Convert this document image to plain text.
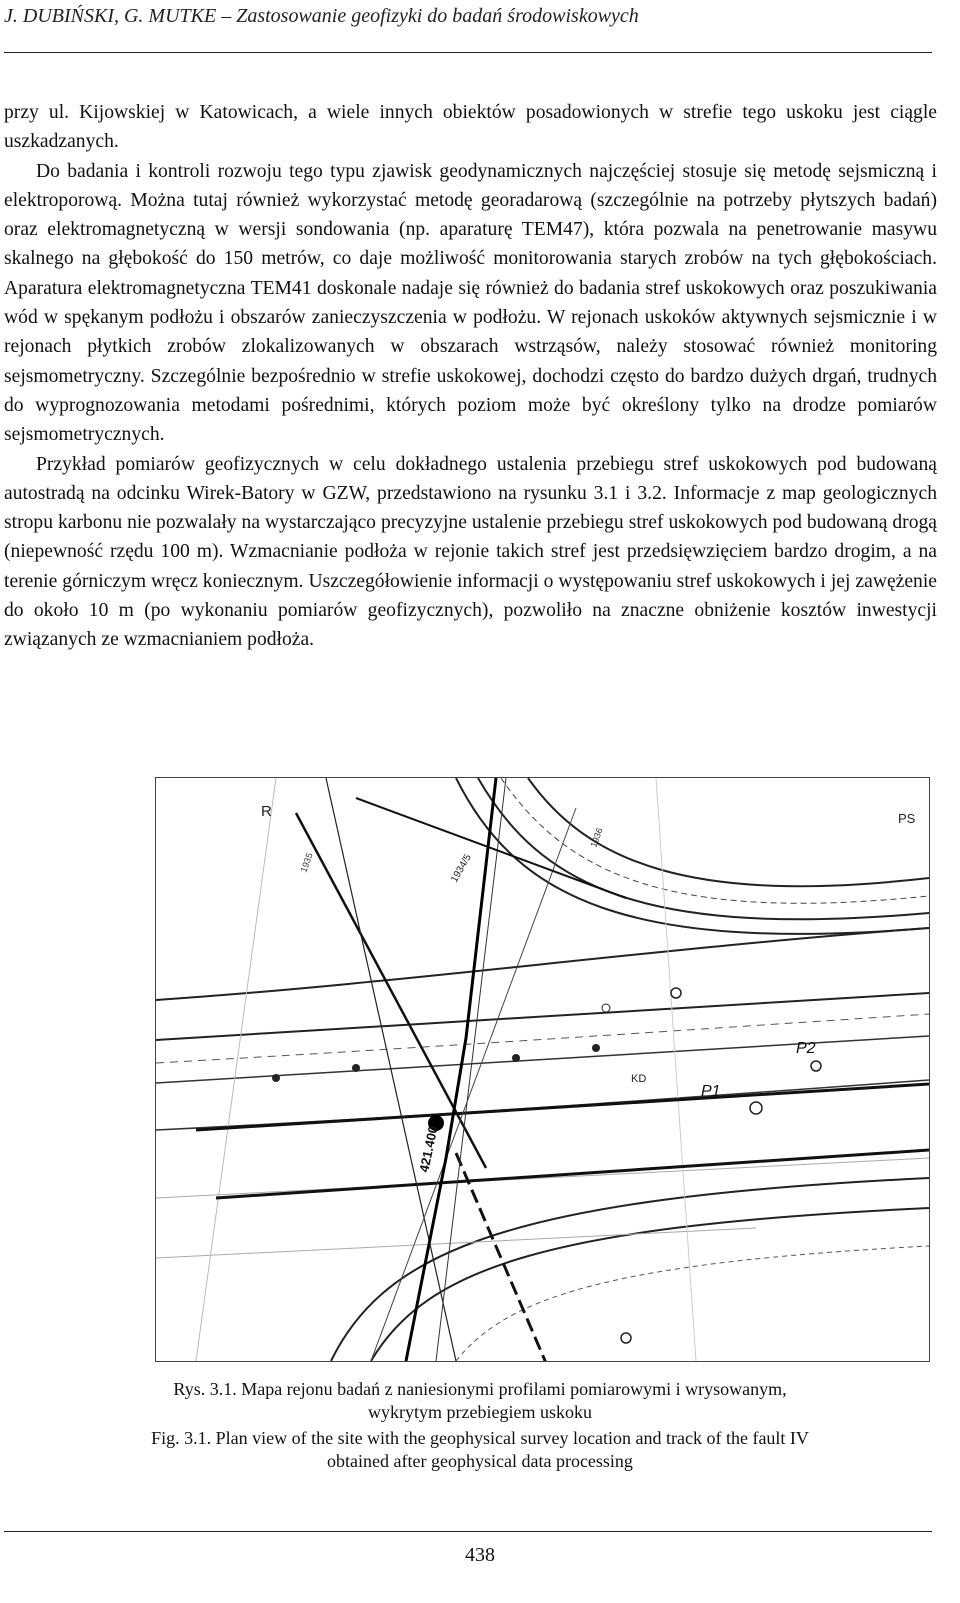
J. DUBIŃSKI, G. MUTKE – Zastosowanie geofizyki do badań środowiskowych

przy ul. Kijowskiej w Katowicach, a wiele innych obiektów posadowionych w strefie tego uskoku jest ciągle uszkadzanych.

Do badania i kontroli rozwoju tego typu zjawisk geodynamicznych najczęściej stosuje się metodę sejsmiczną i elektroporową. Można tutaj również wykorzystać metodę georadarową (szczególnie na potrzeby płytszych badań) oraz elektromagnetyczną w wersji sondowania (np. aparaturę TEM47), która pozwala na penetrowanie masywu skalnego na głębokość do 150 metrów, co daje możliwość monitorowania starych zrobów na tych głębokościach. Aparatura elektromagnetyczna TEM41 doskonale nadaje się również do badania stref uskokowych oraz poszukiwania wód w spękanym podłożu i obszarów zanieczyszczenia w podłożu. W rejonach uskoków aktywnych sejsmicznie i w rejonach płytkich zrobów zlokalizowanych w obszarach wstrząsów, należy stosować również monitoring sejsmometryczny. Szczególnie bezpośrednio w strefie uskokowej, dochodzi często do bardzo dużych drgań, trudnych do wyprognozowania metodami pośrednimi, których poziom może być określony tylko na drodze pomiarów sejsmometrycznych.

Przykład pomiarów geofizycznych w celu dokładnego ustalenia przebiegu stref uskokowych pod budowaną autostradą na odcinku Wirek-Batory w GZW, przedstawiono na rysunku 3.1 i 3.2. Informacje z map geologicznych stropu karbonu nie pozwalały na wystarczająco precyzyjne ustalenie przebiegu stref uskokowych pod budowaną drogą (niepewność rzędu 100 m). Wzmacnianie podłoża w rejonie takich stref jest przedsięwzięciem bardzo drogim, a na terenie górniczym wręcz koniecznym. Uszczegółowienie informacji o występowaniu stref uskokowych i jej zawężenie do około 10 m (po wykonaniu pomiarów geofizycznych), pozwoliło na znaczne obniżenie kosztów inwestycji związanych ze wzmacnianiem podłoża.

R	PS
P2
P1
KD
1934/5
421.400
1935
1936
Rys. 3.1. Mapa rejonu badań z naniesionymi profilami pomiarowymi i wrysowanym,
wykrytym przebiegiem uskoku
Fig. 3.1. Plan view of the site with the geophysical survey location and track of the fault IV
obtained after geophysical data processing
438
